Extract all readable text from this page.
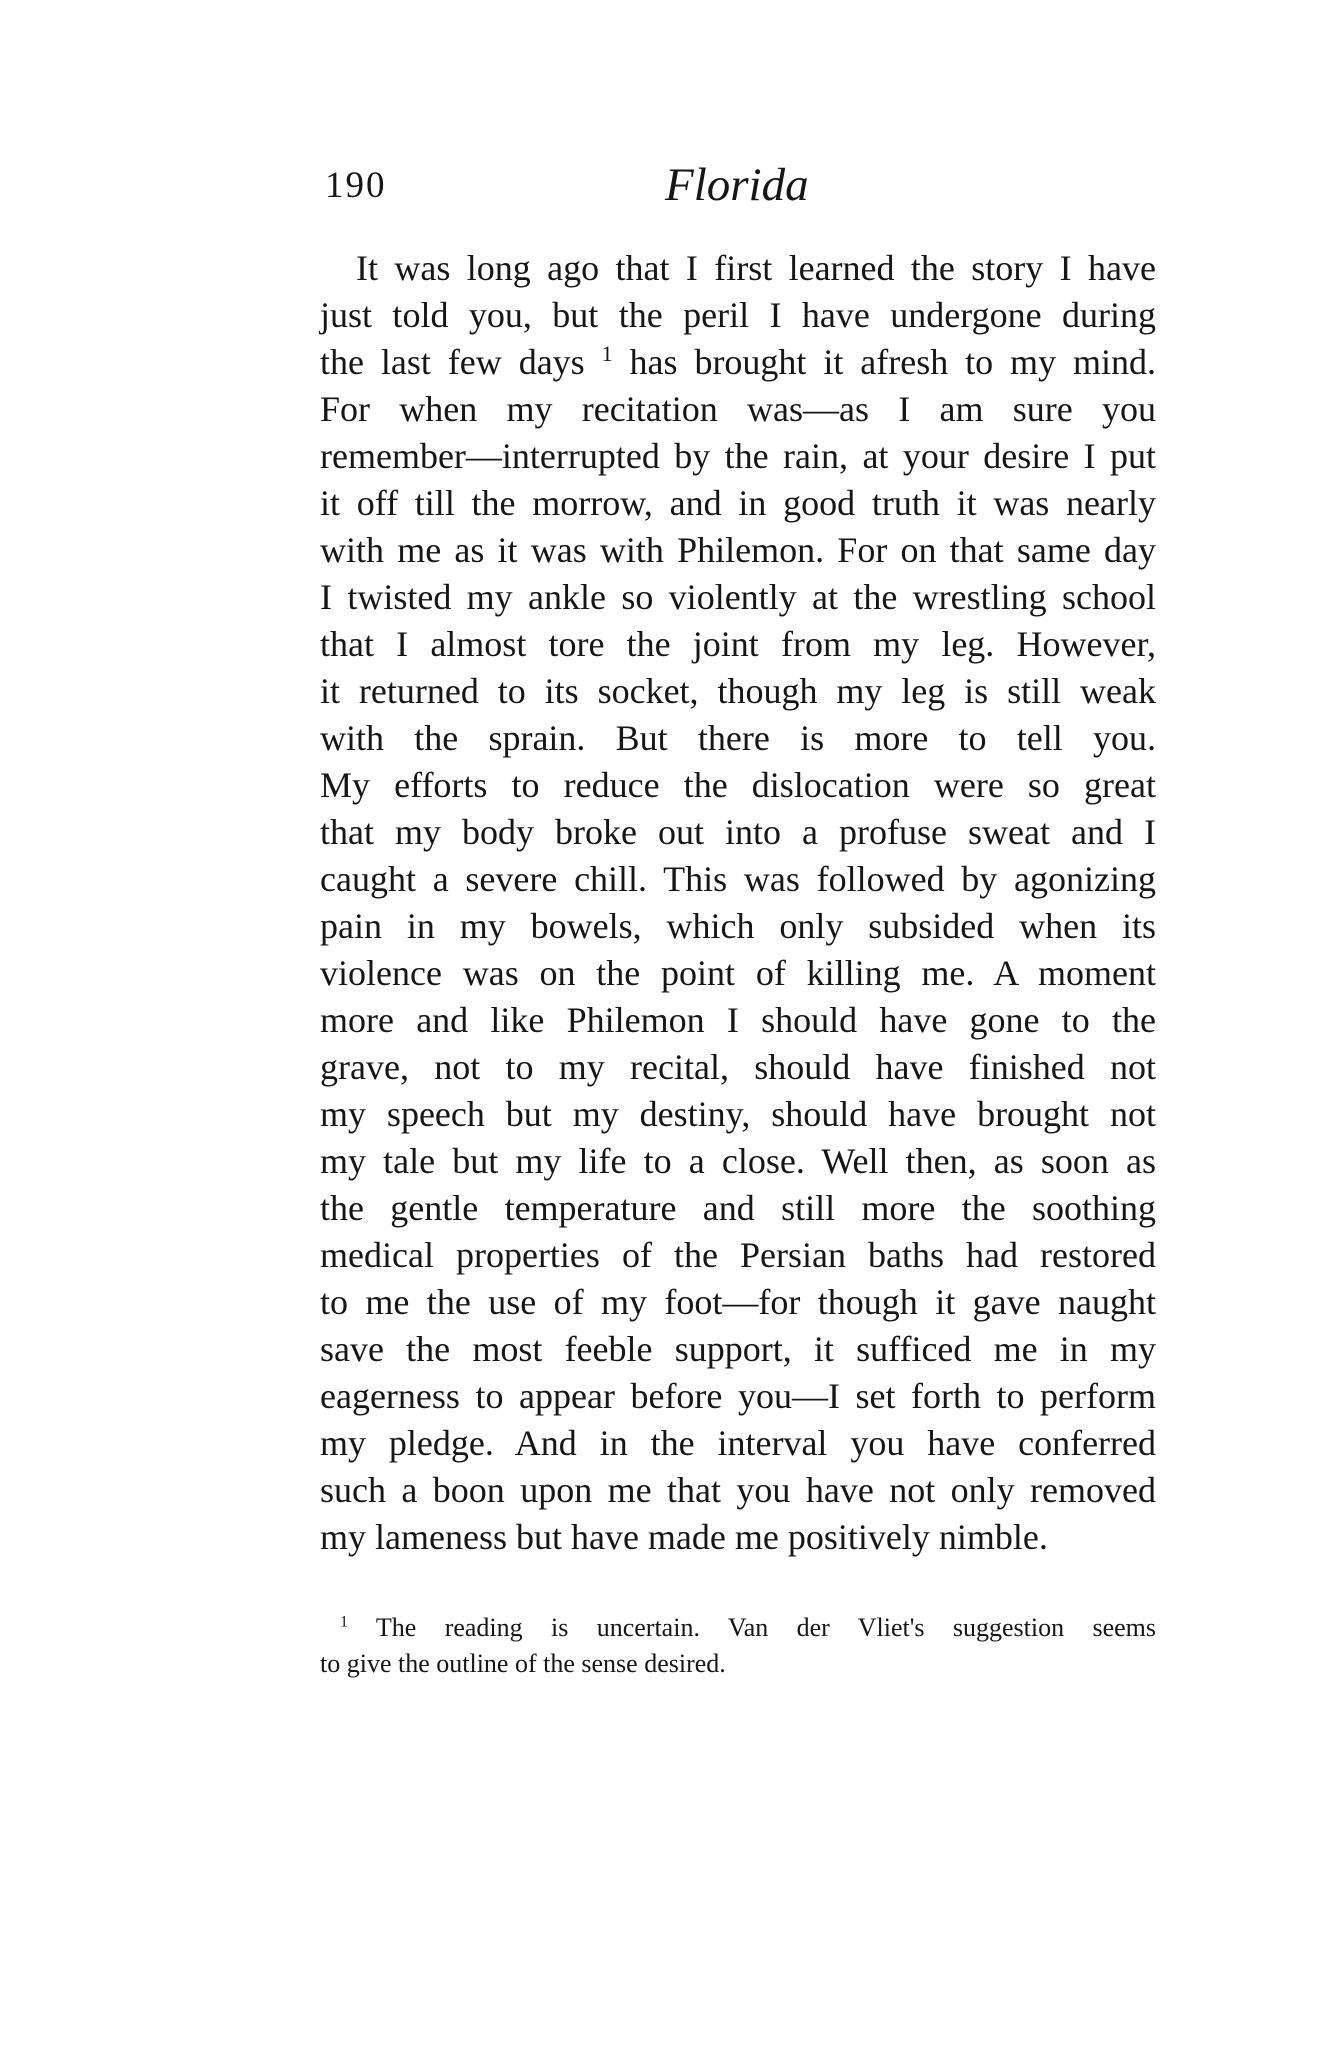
190	Florida
It was long ago that I first learned the story I have
just told you, but the peril I have undergone during
the last few days $^1$ has brought it afresh to my mind.
For when my recitation was—as I am sure you
remember—interrupted by the rain, at your desire I put
it off till the morrow, and in good truth it was nearly
with me as it was with Philemon. For on that same day
I twisted my ankle so violently at the wrestling school
that I almost tore the joint from my leg. However,
it returned to its socket, though my leg is still weak
with the sprain. But there is more to tell you.
My efforts to reduce the dislocation were so great
that my body broke out into a profuse sweat and I
caught a severe chill. This was followed by agonizing
pain in my bowels, which only subsided when its
violence was on the point of killing me. A moment
more and like Philemon I should have gone to the
grave, not to my recital, should have finished not
my speech but my destiny, should have brought not
my tale but my life to a close. Well then, as soon as
the gentle temperature and still more the soothing
medical properties of the Persian baths had restored
to me the use of my foot—for though it gave naught
save the most feeble support, it sufficed me in my
eagerness to appear before you—I set forth to perform
my pledge. And in the interval you have conferred
such a boon upon me that you have not only removed
my lameness but have made me positively nimble.
$^1$ The reading is uncertain. Van der Vliet's suggestion seems
to give the outline of the sense desired.
